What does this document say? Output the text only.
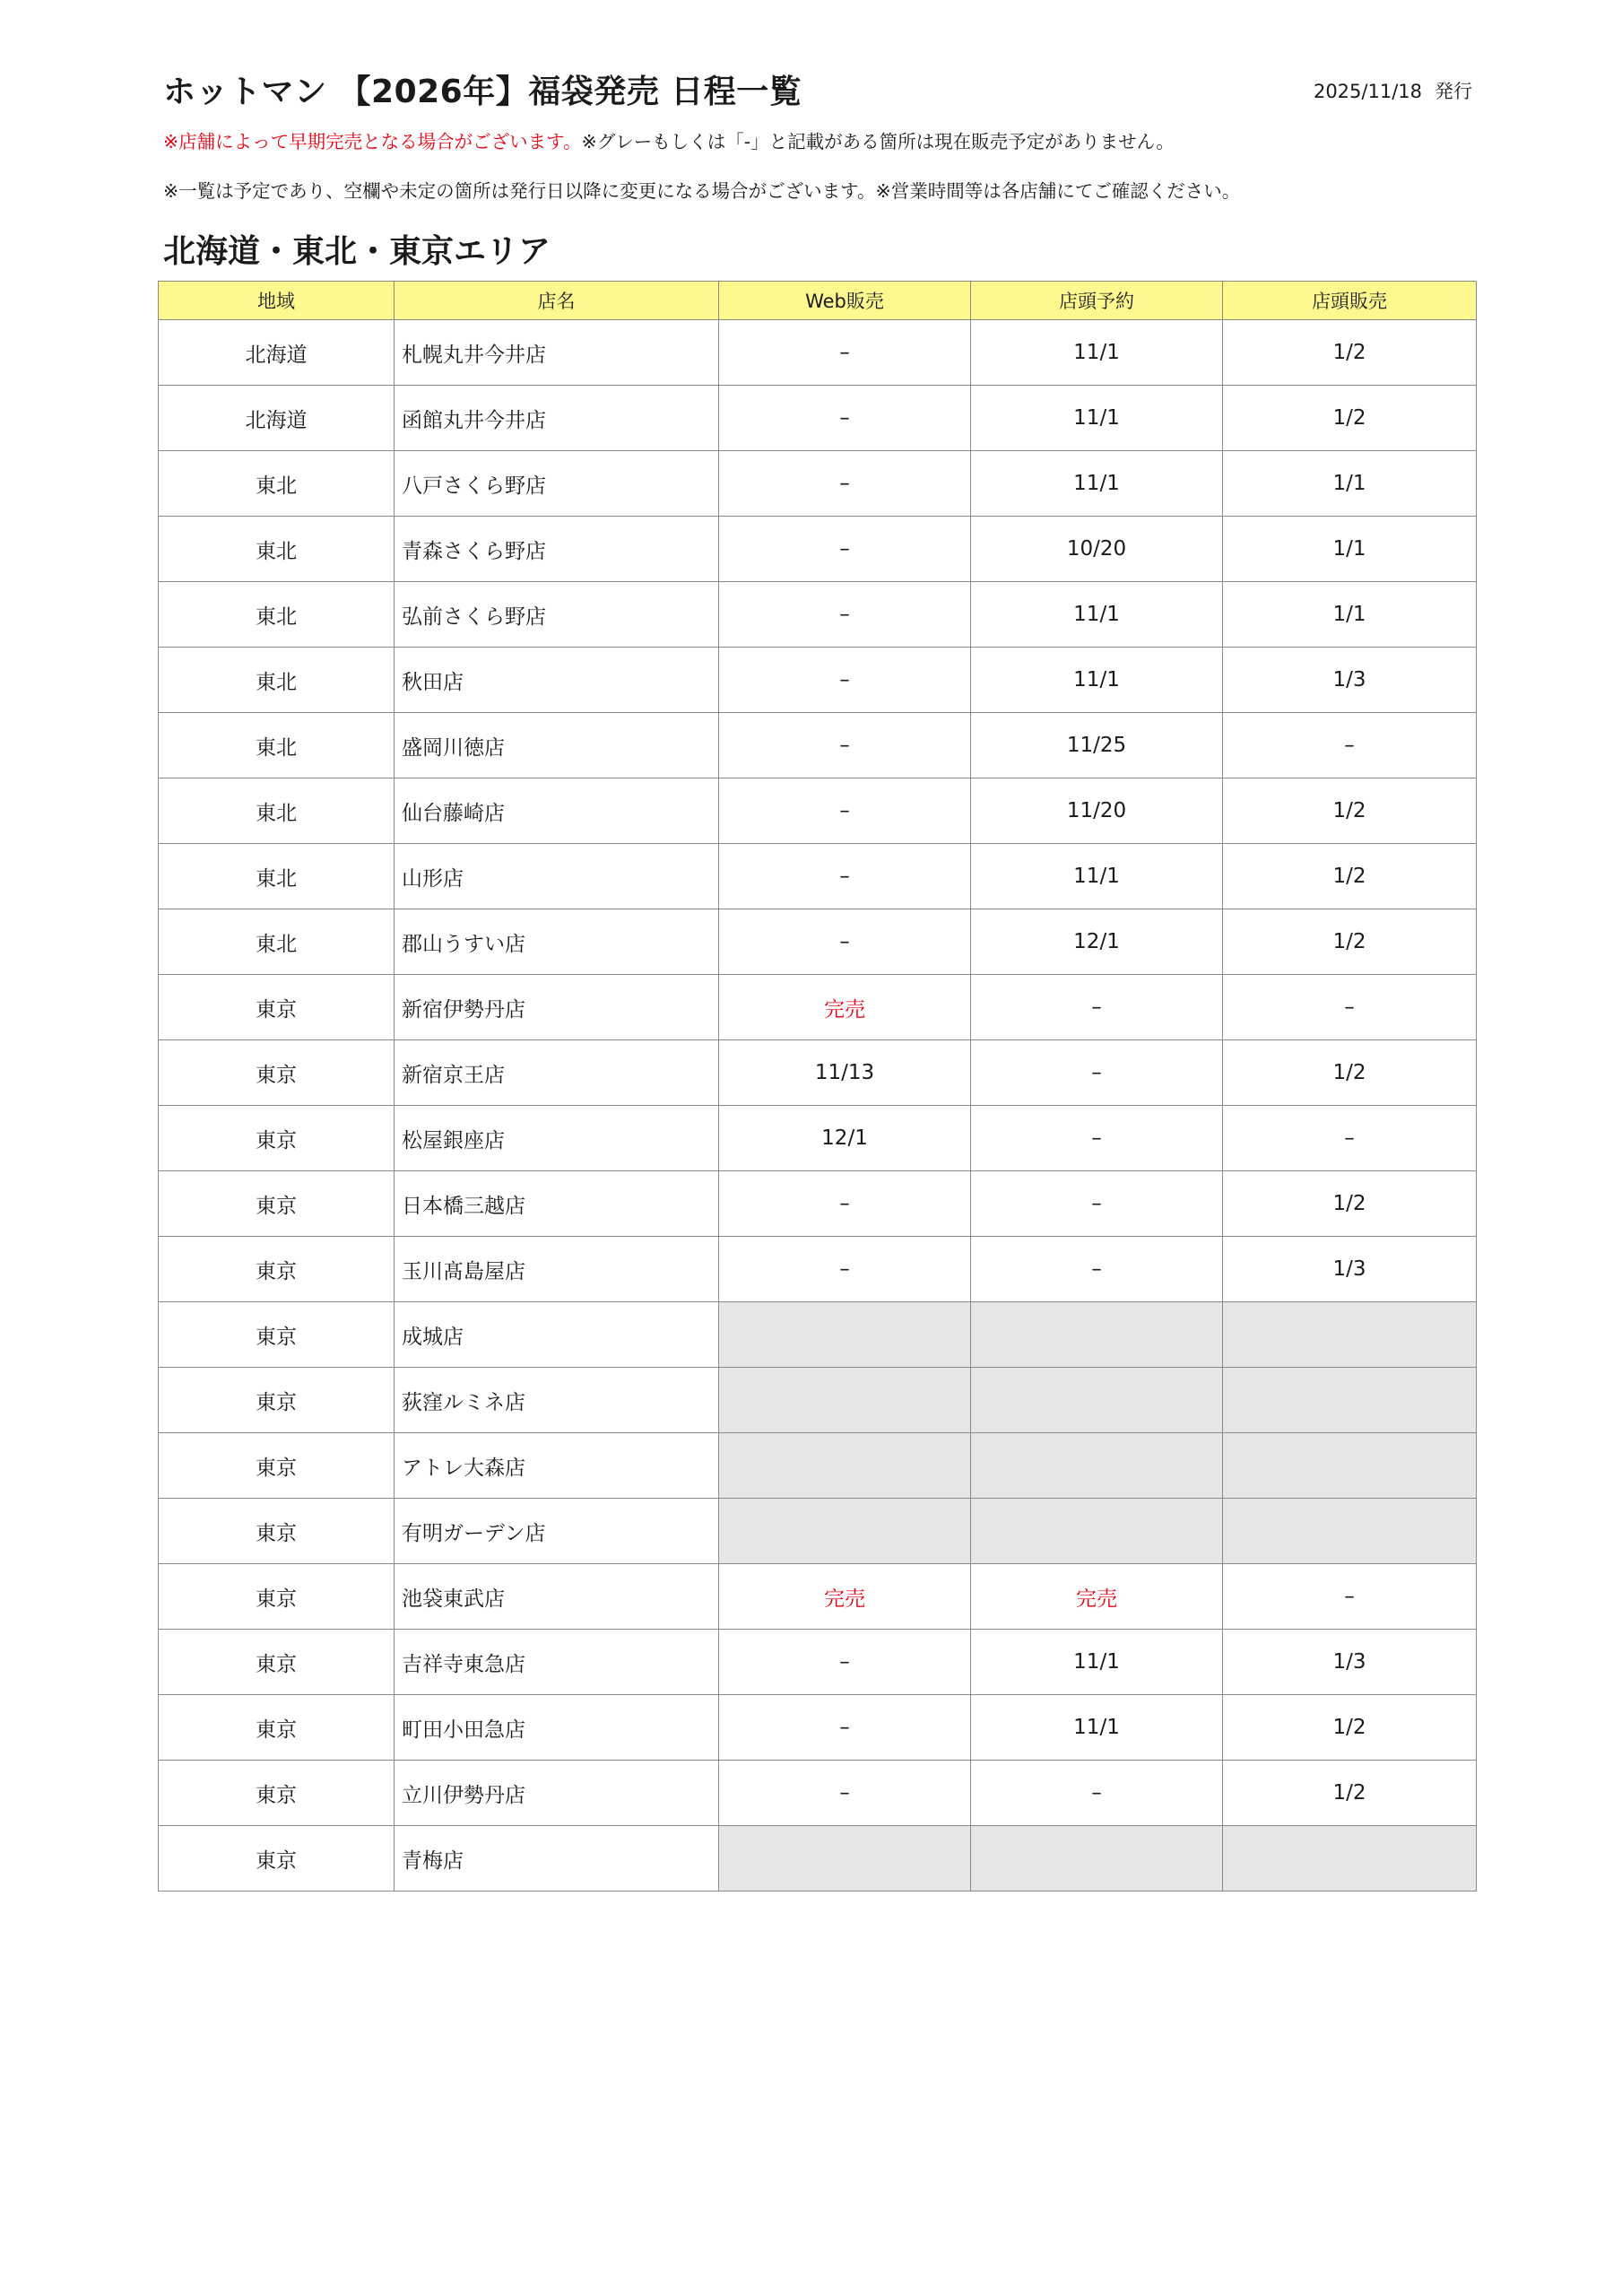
ホットマン 【2026年】福袋発売 日程一覧	2025/11/18 発行
※店舗によって早期完売となる場合がございます。※グレーもしくは「-」と記載がある箇所は現在販売予定がありません。
※一覧は予定であり、空欄や未定の箇所は発行日以降に変更になる場合がございます。※営業時間等は各店舗にてご確認ください。
北海道・東北・東京エリア
地域	店名	Web販売	店頭予約	店頭販売
北海道	札幌丸井今井店	–	11/1	1/2
北海道	函館丸井今井店	–	11/1	1/2
東北	八戸さくら野店	–	11/1	1/1
東北	青森さくら野店	–	10/20	1/1
東北	弘前さくら野店	–	11/1	1/1
東北	秋田店	–	11/1	1/3
東北	盛岡川徳店	–	11/25	–
東北	仙台藤崎店	–	11/20	1/2
東北	山形店	–	11/1	1/2
東北	郡山うすい店	–	12/1	1/2
東京	新宿伊勢丹店	完売	–	–
東京	新宿京王店	11/13	–	1/2
東京	松屋銀座店	12/1	–	–
東京	日本橋三越店	–	–	1/2
東京	玉川髙島屋店	–	–	1/3
東京	成城店			
東京	荻窪ルミネ店			
東京	アトレ大森店			
東京	有明ガーデン店			
東京	池袋東武店	完売	完売	–
東京	吉祥寺東急店	–	11/1	1/3
東京	町田小田急店	–	11/1	1/2
東京	立川伊勢丹店	–	–	1/2
東京	青梅店			
